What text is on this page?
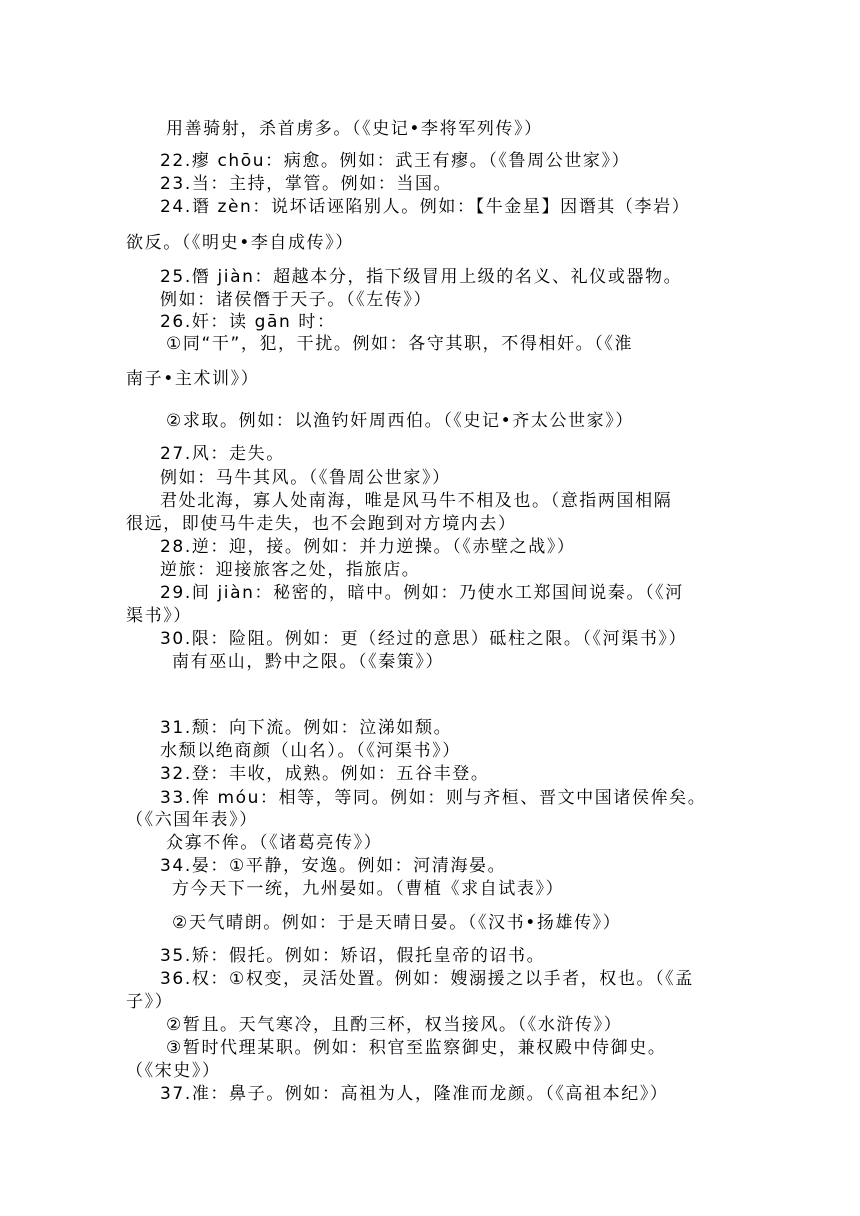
用善骑射，杀首虏多。（《史记•李将军列传》）
22.瘳 chōu：病愈。例如：武王有瘳。（《鲁周公世家》）
23.当：主持，掌管。例如：当国。
24.谮 zèn：说坏话诬陷别人。例如：【牛金星】因谮其（李岩）
欲反。（《明史•李自成传》）
25.僭 jiàn：超越本分，指下级冒用上级的名义、礼仪或器物。
例如：诸侯僭于天子。（《左传》）
26.奸：读 gān 时：
①同“干”，犯，干扰。例如：各守其职，不得相奸。（《淮
南子•主术训》）
②求取。例如：以渔钓奸周西伯。（《史记•齐太公世家》）
27.风：走失。
例如：马牛其风。（《鲁周公世家》）
君处北海，寡人处南海，唯是风马牛不相及也。（意指两国相隔
很远，即使马牛走失，也不会跑到对方境内去）
28.逆：迎，接。例如：并力逆操。（《赤壁之战》）
逆旅：迎接旅客之处，指旅店。
29.间 jiàn：秘密的，暗中。例如：乃使水工郑国间说秦。（《河
渠书》）
30.限：险阻。例如：更（经过的意思）砥柱之限。（《河渠书》）
南有巫山，黔中之限。（《秦策》）
31.颓：向下流。例如：泣涕如颓。
水颓以绝商颜（山名）。（《河渠书》）
32.登：丰收，成熟。例如：五谷丰登。
33.侔 móu：相等，等同。例如：则与齐桓、晋文中国诸侯侔矣。
（《六国年表》）
众寡不侔。（《诸葛亮传》）
34.晏：①平静，安逸。例如：河清海晏。
方今天下一统，九州晏如。（曹植《求自试表》）
②天气晴朗。例如：于是天晴日晏。（《汉书•扬雄传》）
35.矫：假托。例如：矫诏，假托皇帝的诏书。
36.权：①权变，灵活处置。例如：嫂溺援之以手者，权也。（《孟
子》）
②暂且。天气寒冷，且酌三杯，权当接风。（《水浒传》）
③暂时代理某职。例如：积官至监察御史，兼权殿中侍御史。
（《宋史》）
37.准：鼻子。例如：高祖为人，隆准而龙颜。（《高祖本纪》）
